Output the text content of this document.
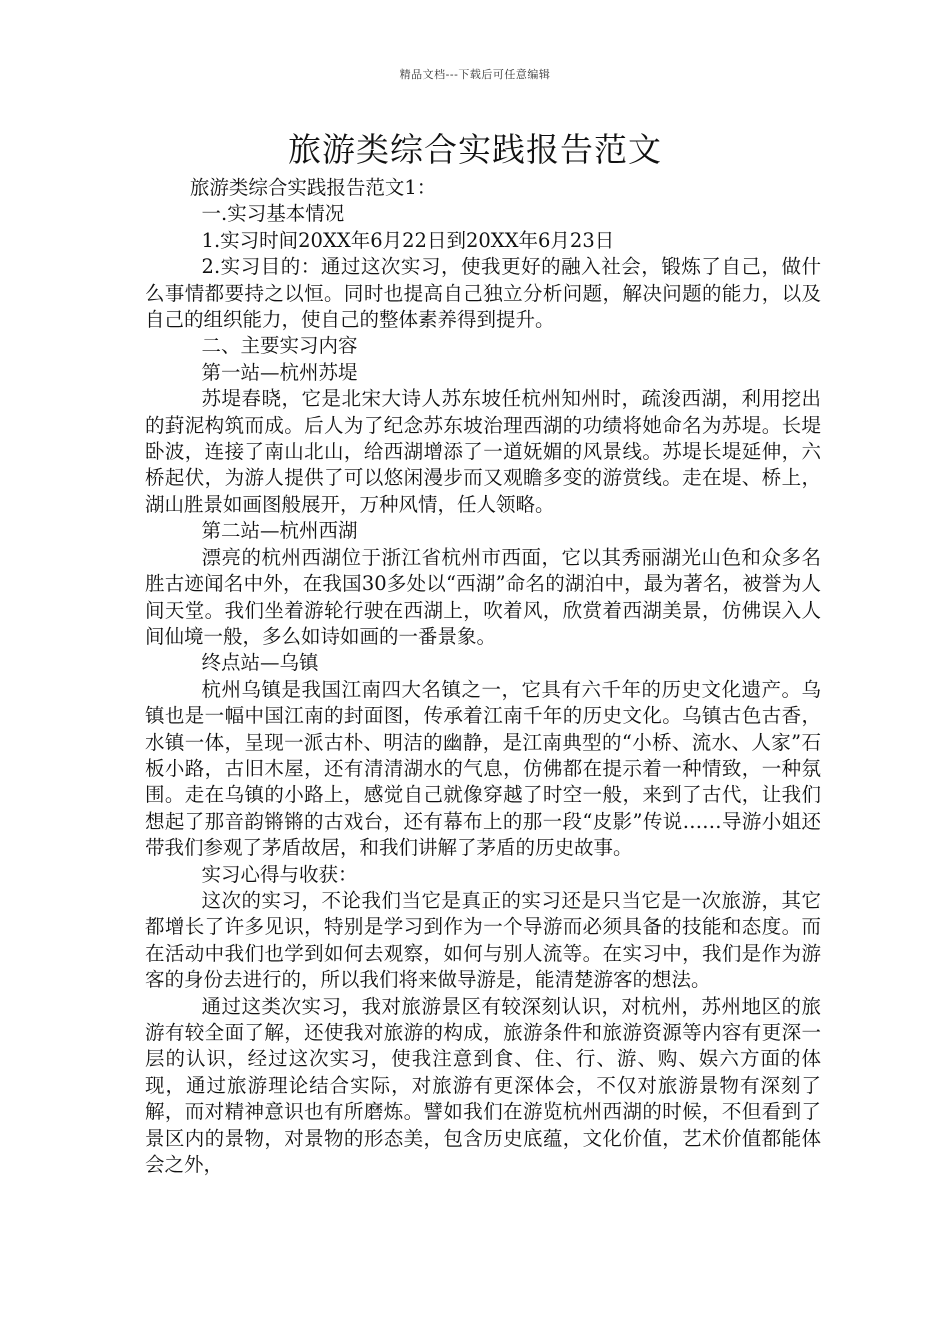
精品文档---下载后可任意编辑
旅游类综合实践报告范文

旅游类综合实践报告范文1：

一.实习基本情况

1.实习时间20XX年6月22日到20XX年6月23日

2.实习目的：通过这次实习，使我更好的融入社会，锻炼了自己，做什么事情都要持之以恒。同时也提高自己独立分析问题，解决问题的能力，以及自己的组织能力，使自己的整体素养得到提升。

二、主要实习内容

第一站—杭州苏堤

苏堤春晓，它是北宋大诗人苏东坡任杭州知州时，疏浚西湖，利用挖出的葑泥构筑而成。后人为了纪念苏东坡治理西湖的功绩将她命名为苏堤。长堤卧波，连接了南山北山，给西湖增添了一道妩媚的风景线。苏堤长堤延伸，六桥起伏，为游人提供了可以悠闲漫步而又观瞻多变的游赏线。走在堤、桥上，湖山胜景如画图般展开，万种风情，任人领略。

第二站—杭州西湖

漂亮的杭州西湖位于浙江省杭州市西面，它以其秀丽湖光山色和众多名胜古迹闻名中外，在我国30多处以“西湖”命名的湖泊中，最为著名，被誉为人间天堂。我们坐着游轮行驶在西湖上，吹着风，欣赏着西湖美景，仿佛误入人间仙境一般，多么如诗如画的一番景象。

终点站—乌镇

杭州乌镇是我国江南四大名镇之一，它具有六千年的历史文化遗产。乌镇也是一幅中国江南的封面图，传承着江南千年的历史文化。乌镇古色古香，水镇一体，呈现一派古朴、明洁的幽静，是江南典型的“小桥、流水、人家”石板小路，古旧木屋，还有清清湖水的气息，仿佛都在提示着一种情致，一种氛围。走在乌镇的小路上，感觉自己就像穿越了时空一般，来到了古代，让我们想起了那音韵锵锵的古戏台，还有幕布上的那一段“皮影”传说……导游小姐还带我们参观了茅盾故居，和我们讲解了茅盾的历史故事。

实习心得与收获：

这次的实习，不论我们当它是真正的实习还是只当它是一次旅游，其它都增长了许多见识，特别是学习到作为一个导游而必须具备的技能和态度。而在活动中我们也学到如何去观察，如何与别人流等。在实习中，我们是作为游客的身份去进行的，所以我们将来做导游是，能清楚游客的想法。

通过这类次实习，我对旅游景区有较深刻认识，对杭州，苏州地区的旅游有较全面了解，还使我对旅游的构成，旅游条件和旅游资源等内容有更深一层的认识，经过这次实习，使我注意到食、住、行、游、购、娱六方面的体现，通过旅游理论结合实际，对旅游有更深体会，不仅对旅游景物有深刻了解，而对精神意识也有所磨炼。譬如我们在游览杭州西湖的时候，不但看到了景区内的景物，对景物的形态美，包含历史底蕴，文化价值，艺术价值都能体会之外，
